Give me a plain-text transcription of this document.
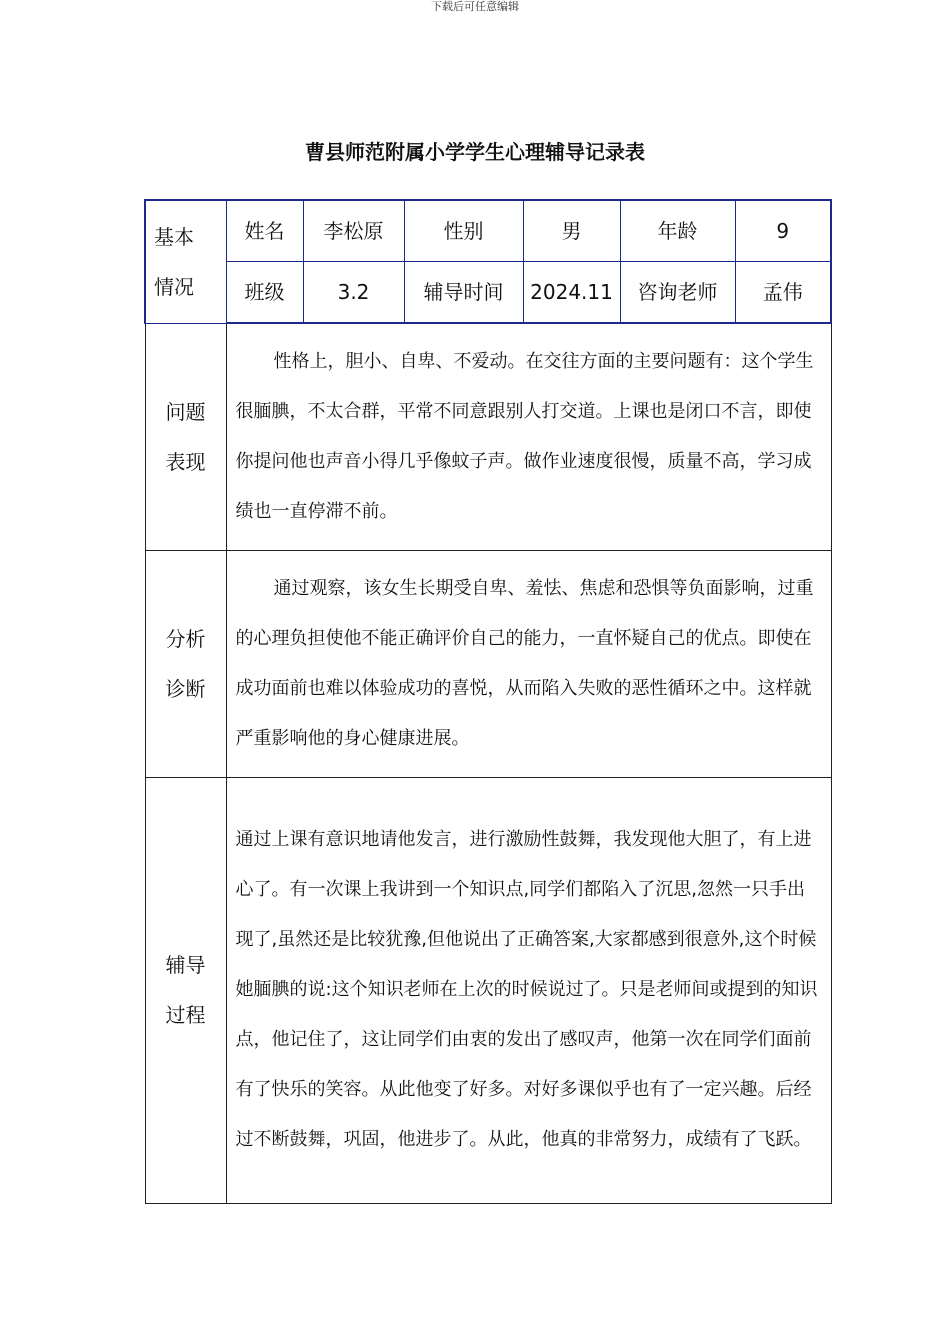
下载后可任意编辑
曹县师范附属小学学生心理辅导记录表
基本
情况	姓名	李松原	性别	男	年龄	9
	班级	3.2	辅导时间	2024.11	咨询老师	孟伟
问题
表现	性格上，胆小、自卑、不爱动。在交往方面的主要问题有：这个学生很腼腆，不太合群，平常不同意跟别人打交道。上课也是闭口不言，即使你提问他也声音小得几乎像蚊子声。做作业速度很慢，质量不高，学习成绩也一直停滞不前。					

分析
诊断	通过观察，该女生长期受自卑、羞怯、焦虑和恐惧等负面影响，过重的心理负担使他不能正确评价自己的能力，一直怀疑自己的优点。即使在成功面前也难以体验成功的喜悦，从而陷入失败的恶性循环之中。这样就严重影响他的身心健康进展。					

辅导
过程	通过上课有意识地请他发言，进行激励性鼓舞，我发现他大胆了，有上进心了。有一次课上我讲到一个知识点,同学们都陷入了沉思,忽然一只手出现了,虽然还是比较犹豫,但他说出了正确答案,大家都感到很意外,这个时候她腼腆的说:这个知识老师在上次的时候说过了。只是老师间或提到的知识点，他记住了，这让同学们由衷的发出了感叹声，他第一次在同学们面前有了快乐的笑容。从此他变了好多。对好多课似乎也有了一定兴趣。后经过不断鼓舞，巩固，他进步了。从此，他真的非常努力，成绩有了飞跃。					
